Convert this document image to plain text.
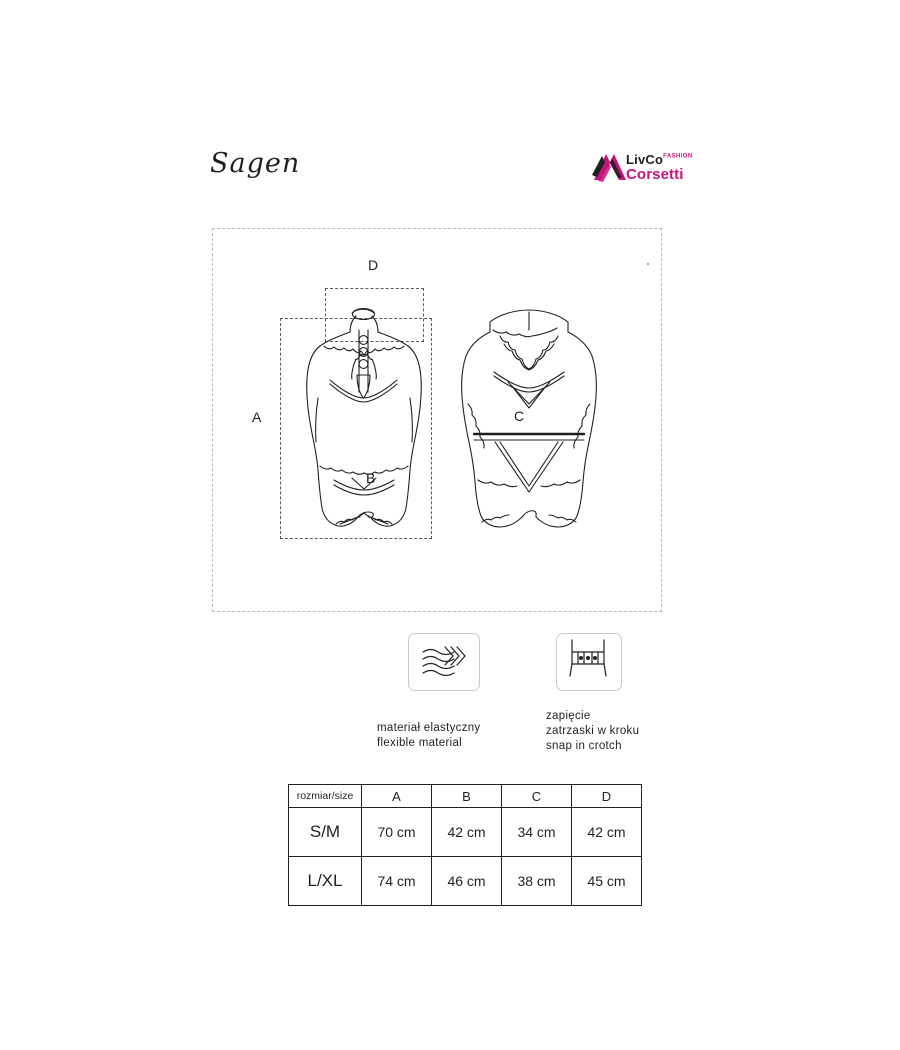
Sagen	LivCo$^{FASHION}$
Corsetti
A
B
C
D
materiał elastyczny
flexible material
zapięcie
zatrzaski w kroku
snap in crotch
rozmiar/size	A	B	C	D
S/M	70 cm	42 cm	34 cm	42 cm
L/XL	74 cm	46 cm	38 cm	45 cm
